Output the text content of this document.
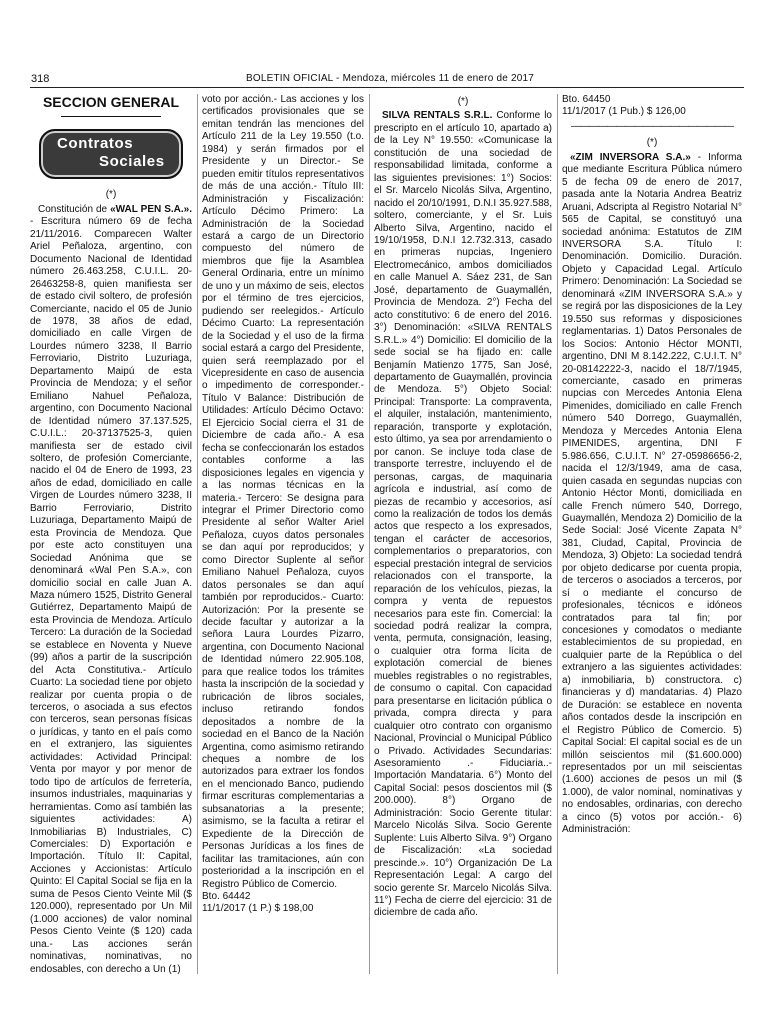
318	BOLETIN OFICIAL - Mendoza, miércoles 11 de enero de 2017
SECCION GENERAL
Contratos
Sociales
(*)

Constitución de «WAL PEN S.A.». - Escritura número 69 de fecha 21/11/2016. Comparecen Walter Ariel Peñaloza, argentino, con Documento Nacional de Identidad número 26.463.258, C.U.I.L. 20-26463258-8, quien manifiesta ser de estado civil soltero, de profesión Comerciante, nacido el 05 de Junio de 1978, 38 años de edad, domiciliado en calle Virgen de Lourdes número 3238, Il Barrio Ferroviario, Distrito Luzuriaga, Departamento Maipú de esta Provincia de Mendoza; y el señor Emiliano Nahuel Peñaloza, argentino, con Documento Nacional de Identidad número 37.137.525, C.U.I.L.: 20-37137525-3, quien manifiesta ser de estado civil soltero, de profesión Comerciante, nacido el 04 de Enero de 1993, 23 años de edad, domiciliado en calle Virgen de Lourdes número 3238, II Barrio Ferroviario, Distrito Luzuriaga, Departamento Maipú de esta Provincia de Mendoza. Que por este acto constituyen una Sociedad Anónima que se denominará «Wal Pen S.A.», con domicilio social en calle Juan A. Maza número 1525, Distrito General Gutiérrez, Departamento Maipú de esta Provincia de Mendoza. Artículo Tercero: La duración de la Sociedad se establece en Noventa y Nueve (99) años a partir de la suscripción del Acta Constitutiva.- Artículo Cuarto: La sociedad tiene por objeto realizar por cuenta propia o de terceros, o asociada a sus efectos con terceros, sean personas físicas o jurídicas, y tanto en el país como en el extranjero, las siguientes actividades: Actividad Principal: Venta por mayor y por menor de todo tipo de artículos de ferretería, insumos industriales, maquinarias y herramientas. Como así también las siguientes actividades: A) Inmobiliarias B) Industriales, C) Comerciales: D) Exportación e Importación. Título II: Capital, Acciones y Accionistas: Artículo Quinto: El Capital Social se fija en la suma de Pesos Ciento Veinte Mil ($ 120.000), representado por Un Mil (1.000 acciones) de valor nominal Pesos Ciento Veinte ($ 120) cada una.- Las acciones serán nominativas, nominativas, no endosables, con derecho a Un (1)

voto por acción.- Las acciones y los certificados provisionales que se emitan tendrán las menciones del Artículo 211 de la Ley 19.550 (t.o. 1984) y serán firmados por el Presidente y un Director.- Se pueden emitir títulos representativos de más de una acción.- Título III: Administración y Fiscalización: Artículo Décimo Primero: La Administración de la Sociedad estará a cargo de un Directorio compuesto del número de miembros que fije la Asamblea General Ordinaria, entre un mínimo de uno y un máximo de seis, electos por el término de tres ejercicios, pudiendo ser reelegidos.- Artículo Décimo Cuarto: La representación de la Sociedad y el uso de la firma social estará a cargo del Presidente, quien será reemplazado por el Vicepresidente en caso de ausencia o impedimento de corresponder.- Título V Balance: Distribución de Utilidades: Artículo Décimo Octavo: El Ejercicio Social cierra el 31 de Diciembre de cada año.- A esa fecha se confeccionarán los estados contables conforme a las disposiciones legales en vigencia y a las normas técnicas en la materia.- Tercero: Se designa para integrar el Primer Directorio como Presidente al señor Walter Ariel Peñaloza, cuyos datos personales se dan aquí por reproducidos; y como Director Suplente al señor Emiliano Nahuel Peñaloza, cuyos datos personales se dan aquí también por reproducidos.- Cuarto: Autorización: Por la presente se decide facultar y autorizar a la señora Laura Lourdes Pizarro, argentina, con Documento Nacional de Identidad número 22.905.108, para que realice todos los trámites hasta la inscripción de la sociedad y rubricación de libros sociales, incluso retirando fondos depositados a nombre de la sociedad en el Banco de la Nación Argentina, como asimismo retirando cheques a nombre de los autorizados para extraer los fondos en el mencionado Banco, pudiendo firmar escrituras complementarias a subsanatorias a la presente; asimismo, se la faculta a retirar el Expediente de la Dirección de Personas Jurídicas a los fines de facilitar las tramitaciones, aún con posterioridad a la inscripción en el Registro Público de Comercio.

Bto. 64442
11/1/2017 (1 P.) $ 198,00
(*)

SILVA RENTALS S.R.L. Conforme lo prescripto en el artículo 10, apartado a) de la Ley N° 19.550: «Comunicase la constitución de una sociedad de responsabilidad limitada, conforme a las siguientes previsiones: 1°) Socios: el Sr. Marcelo Nicolás Silva, Argentino, nacido el 20/10/1991, D.N.I 35.927.588, soltero, comerciante, y el Sr. Luis Alberto Silva, Argentino, nacido el 19/10/1958, D.N.I 12.732.313, casado en primeras nupcias, Ingeniero Electromecánico, ambos domiciliados en calle Manuel A. Sáez 231, de San José, departamento de Guaymallén, Provincia de Mendoza. 2°) Fecha del acto constitutivo: 6 de enero del 2016. 3°) Denominación: «SILVA RENTALS S.R.L.» 4°) Domicilio: El domicilio de la sede social se ha fijado en: calle Benjamín Matienzo 1775, San José, departamento de Guaymallén, provincia de Mendoza. 5°) Objeto Social: Principal: Transporte: La compraventa, el alquiler, instalación, mantenimiento, reparación, transporte y explotación, esto último, ya sea por arrendamiento o por canon. Se incluye toda clase de transporte terrestre, incluyendo el de personas, cargas, de maquinaria agrícola e industrial, así como de piezas de recambio y accesorios, así como la realización de todos los demás actos que respecto a los expresados, tengan el carácter de accesorios, complementarios o preparatorios, con especial prestación integral de servicios relacionados con el transporte, la reparación de los vehículos, piezas, la compra y venta de repuestos necesarios para este fin. Comercial: la sociedad podrá realizar la compra, venta, permuta, consignación, leasing, o cualquier otra forma lícita de explotación comercial de bienes muebles registrables o no registrables, de consumo o capital. Con capacidad para presentarse en licitación pública o privada, compra directa y para cualquier otro contrato con organismo Nacional, Provincial o Municipal Público o Privado. Actividades Secundarias: Asesoramiento .- Fiduciaria..- Importación Mandataria. 6°) Monto del Capital Social: pesos doscientos mil ($ 200.000). 8°) Organo de Administración: Socio Gerente titular: Marcelo Nicolás Silva. Socio Gerente Suplente: Luis Alberto Silva. 9°) Organo de Fiscalización: «La sociedad prescinde.». 10°) Organización De La Representación Legal: A cargo del socio gerente Sr. Marcelo Nicolás Silva. 11°) Fecha de cierre del ejercicio: 31 de diciembre de cada año.

Bto. 64450
11/1/2017 (1 Pub.) $ 126,00
——————————————————
(*)

«ZIM INVERSORA S.A.» - Informa que mediante Escritura Pública número 5 de fecha 09 de enero de 2017, pasada ante la Notaria Andrea Beatriz Aruani, Adscripta al Registro Notarial N° 565 de Capital, se constituyó una sociedad anónima: Estatutos de ZIM INVERSORA S.A. Título I: Denominación. Domicilio. Duración. Objeto y Capacidad Legal. Artículo Primero: Denominación: La Sociedad se denominará «ZIM INVERSORA S.A.» y se regirá por las disposiciones de la Ley 19.550 sus reformas y disposiciones reglamentarias. 1) Datos Personales de los Socios: Antonio Héctor MONTI, argentino, DNI M 8.142.222, C.U.I.T. N° 20-08142222-3, nacido el 18/7/1945, comerciante, casado en primeras nupcias con Mercedes Antonia Elena Pimenides, domiciliado en calle French número 540 Dorrego, Guaymallén, Mendoza y Mercedes Antonia Elena PIMENIDES, argentina, DNI F 5.986.656, C.U.I.T. N° 27-05986656-2, nacida el 12/3/1949, ama de casa, quien casada en segundas nupcias con Antonio Héctor Monti, domiciliada en calle French número 540, Dorrego, Guaymallén, Mendoza 2) Domicilio de la Sede Social: José Vicente Zapata N° 381, Ciudad, Capital, Provincia de Mendoza, 3) Objeto: La sociedad tendrá por objeto dedicarse por cuenta propia, de terceros o asociados a terceros, por sí o mediante el concurso de profesionales, técnicos e idóneos contratados para tal fin; por concesiones y comodatos o mediante establecimientos de su propiedad, en cualquier parte de la República o del extranjero a las siguientes actividades: a) inmobiliaria, b) constructora. c) financieras y d) mandatarias. 4) Plazo de Duración: se establece en noventa años contados desde la inscripción en el Registro Público de Comercio. 5) Capital Social: El capital social es de un millón seiscientos mil ($1.600.000) representados por un mil seiscientas (1.600) acciones de pesos un mil ($ 1.000), de valor nominal, nominativas y no endosables, ordinarias, con derecho a cinco (5) votos por acción.- 6) Administración:
